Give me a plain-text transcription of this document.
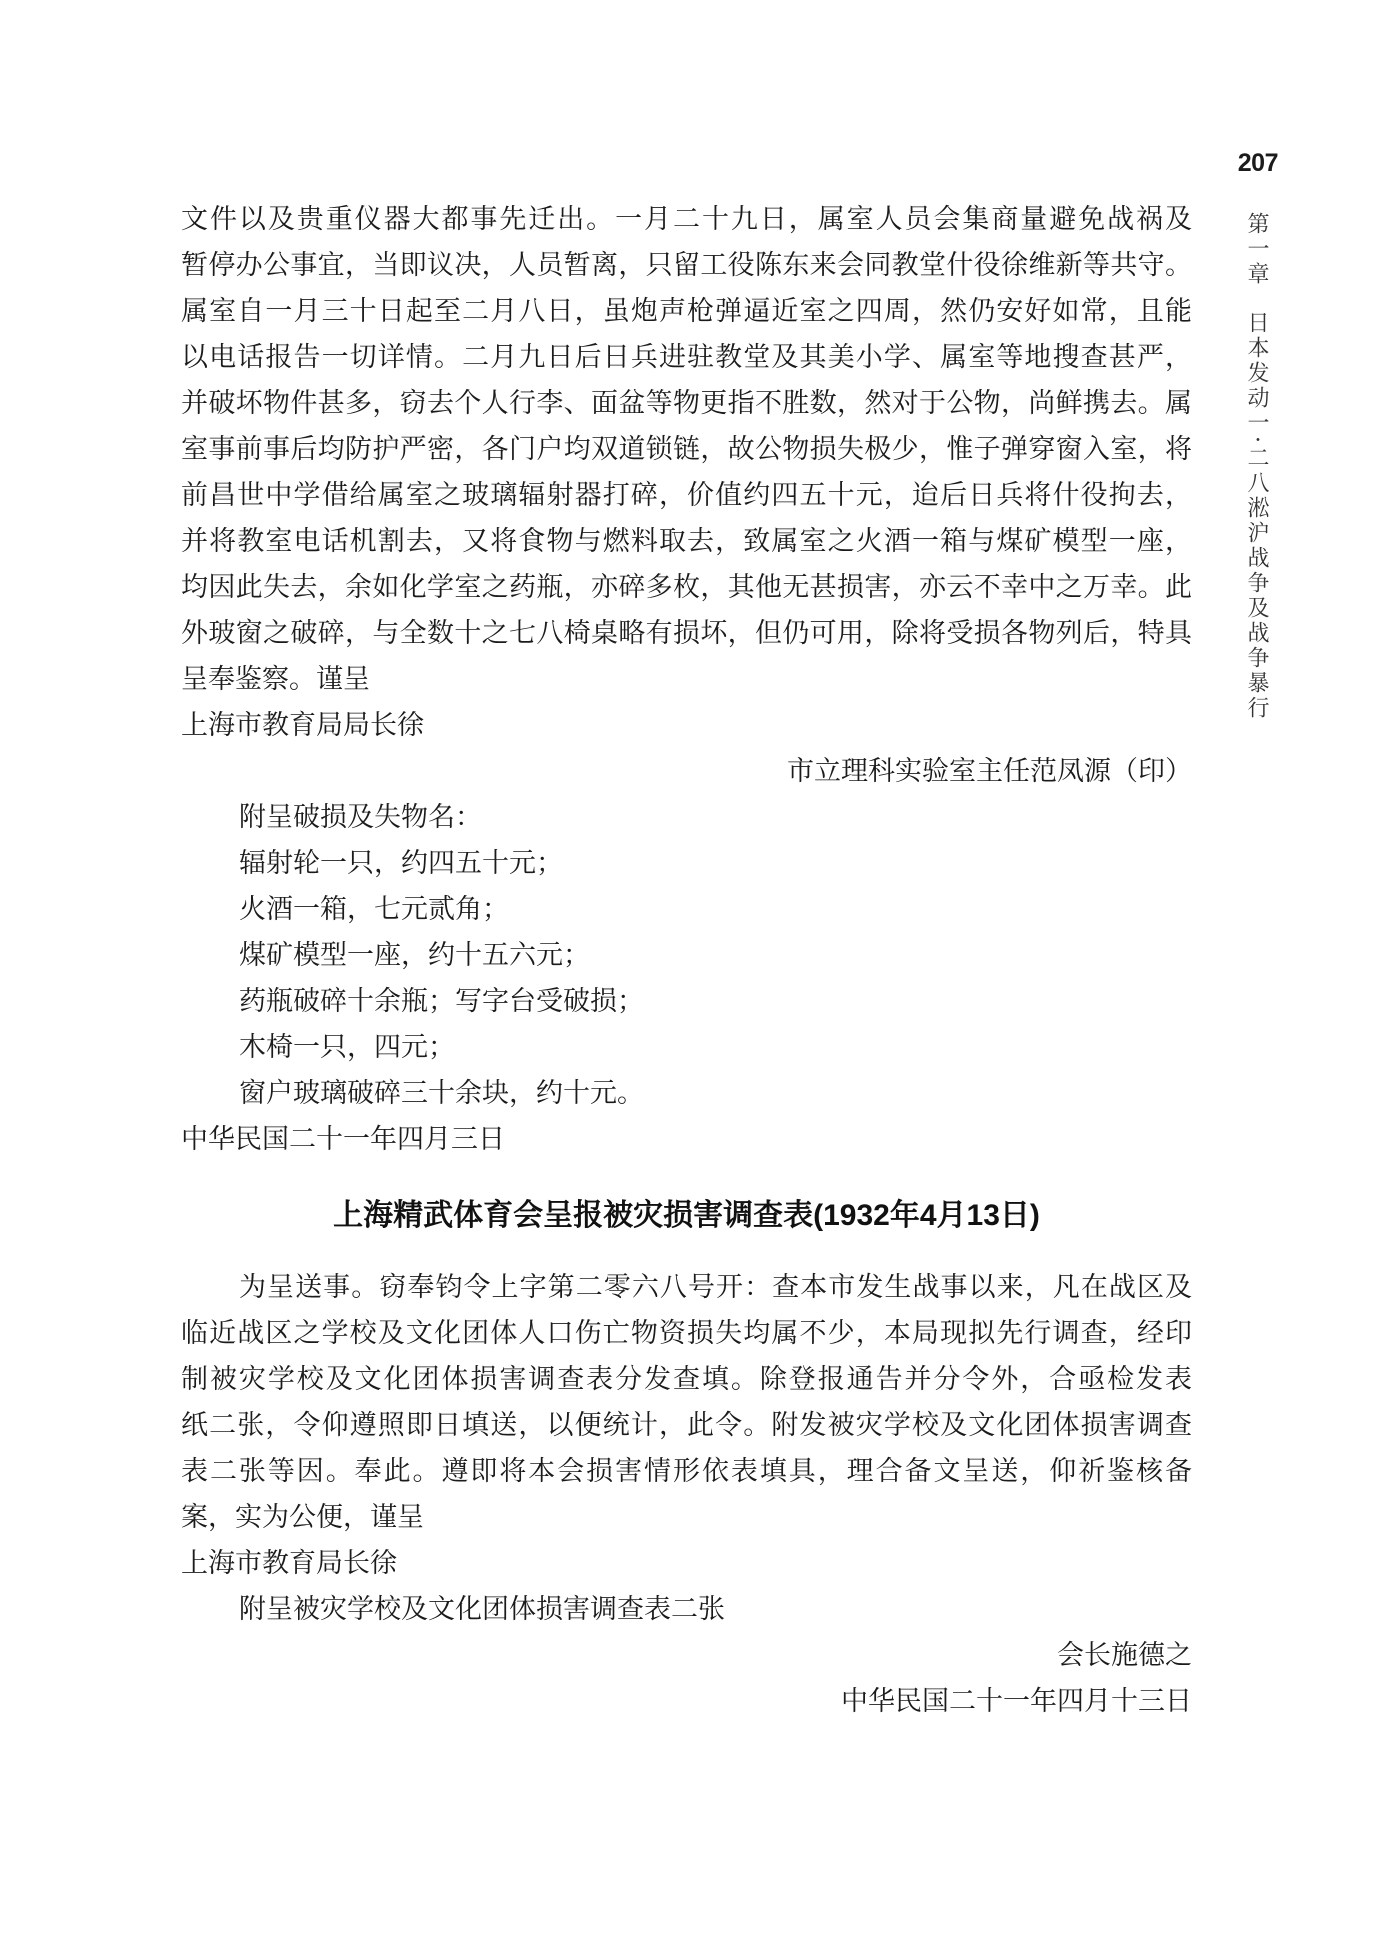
207
第一章
日本发动一·二八淞沪战争及战争暴行
文件以及贵重仪器大都事先迁出。一月二十九日，属室人员会集商量避免战祸及
暂停办公事宜，当即议决，人员暂离，只留工役陈东来会同教堂什役徐维新等共守。
属室自一月三十日起至二月八日，虽炮声枪弹逼近室之四周，然仍安好如常，且能
以电话报告一切详情。二月九日后日兵进驻教堂及其美小学、属室等地搜查甚严，
并破坏物件甚多，窃去个人行李、面盆等物更指不胜数，然对于公物，尚鲜携去。属
室事前事后均防护严密，各门户均双道锁链，故公物损失极少，惟子弹穿窗入室，将
前昌世中学借给属室之玻璃辐射器打碎，价值约四五十元，迨后日兵将什役拘去，
并将教室电话机割去，又将食物与燃料取去，致属室之火酒一箱与煤矿模型一座，
均因此失去，余如化学室之药瓶，亦碎多枚，其他无甚损害，亦云不幸中之万幸。此
外玻窗之破碎，与全数十之七八椅桌略有损坏，但仍可用，除将受损各物列后，特具
呈奉鉴察。谨呈
上海市教育局局长徐
市立理科实验室主任范凤源（印）
附呈破损及失物名：
辐射轮一只，约四五十元；
火酒一箱，七元贰角；
煤矿模型一座，约十五六元；
药瓶破碎十余瓶；写字台受破损；
木椅一只，四元；
窗户玻璃破碎三十余块，约十元。
中华民国二十一年四月三日
上海精武体育会呈报被灾损害调查表(1932年4月13日)
为呈送事。窃奉钧令上字第二零六八号开：查本市发生战事以来，凡在战区及
临近战区之学校及文化团体人口伤亡物资损失均属不少，本局现拟先行调查，经印
制被灾学校及文化团体损害调查表分发查填。除登报通告并分令外，合亟检发表
纸二张，令仰遵照即日填送，以便统计，此令。附发被灾学校及文化团体损害调查
表二张等因。奉此。遵即将本会损害情形依表填具，理合备文呈送，仰祈鉴核备
案，实为公便，谨呈
上海市教育局长徐
附呈被灾学校及文化团体损害调查表二张
会长施德之
中华民国二十一年四月十三日
